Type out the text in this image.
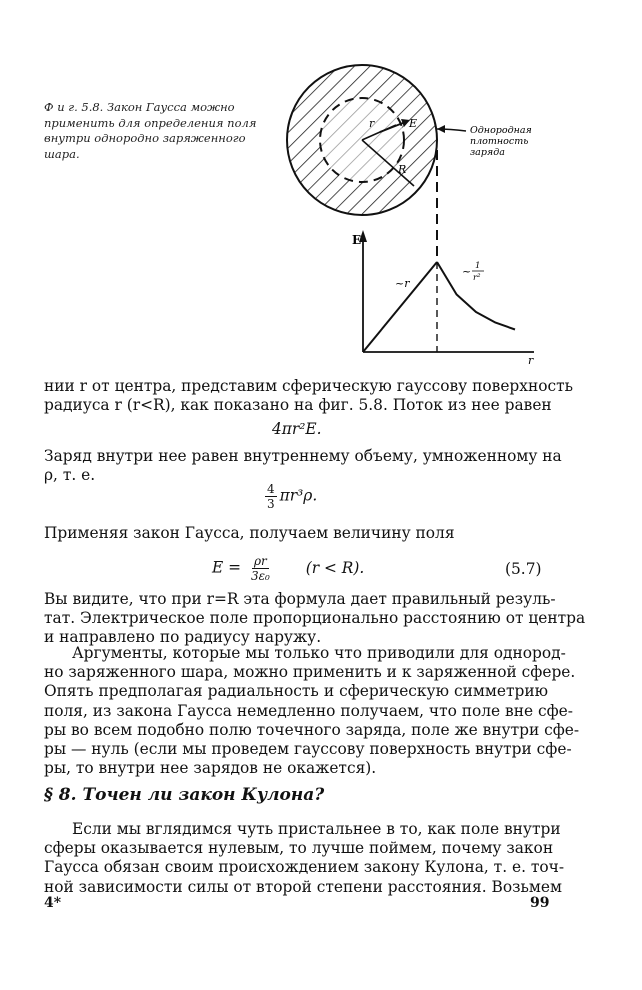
Ф и г. 5.8. Закон Гаусса можно применить для определения поля внутри однородно заряженного шара.
r	E
R
Однородная
плотность
заряда
E
r
~r
~ 1
r²
нии r от центра, представим сферическую гауссову поверхность
радиуса r (r<R), как показано на фиг. 5.8. Поток из нее равен
4πr²E.
Заряд внутри нее равен внутреннему объему, умноженному на
ρ, т. е.
$\frac{4}{3} \pi r^3\rho$.
Применяя закон Гаусса, получаем величину поля
$E = \frac{\rho r}{\text{3ε₀}} (r < R)$.	(5.7)
Вы видите, что при r=R эта формула дает правильный резуль-
тат. Электрическое поле пропорционально расстоянию от центра
и направлено по радиусу наружу.
Аргументы, которые мы только что приводили для однород-
но заряженного шара, можно применить и к заряженной сфере.
Опять предполагая радиальность и сферическую симметрию
поля, из закона Гаусса немедленно получаем, что поле вне сфе-
ры во всем подобно полю точечного заряда, поле же внутри сфе-
ры — нуль (если мы проведем гауссову поверхность внутри сфе-
ры, то внутри нее зарядов не окажется).
§ 8. Точен ли закон Кулона?
Если мы вглядимся чуть пристальнее в то, как поле внутри
сферы оказывается нулевым, то лучше поймем, почему закон
Гаусса обязан своим происхождением закону Кулона, т. е. точ-
ной зависимости силы от второй степени расстояния. Возьмем
4*	99
